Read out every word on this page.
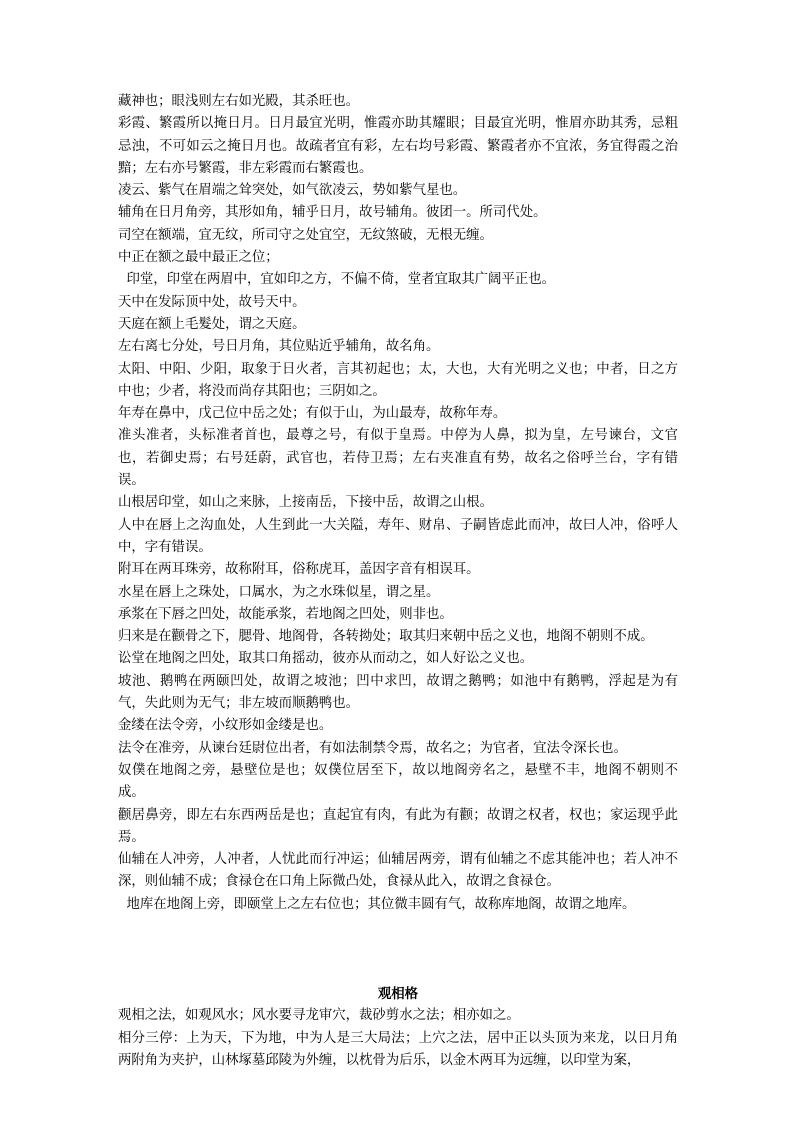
藏神也；眼浅则左右如光殿，其杀旺也。

彩霞、繁霞所以掩日月。日月最宜光明，惟霞亦助其耀眼；目最宜光明，惟眉亦助其秀，忌粗忌浊，不可如云之掩日月也。故疏者宜有彩，左右均号彩霞、繁霞者亦不宜浓，务宜得霞之治黯；左右亦号繁霞，非左彩霞而右繁霞也。

凌云、紫气在眉端之耸突处，如气欲凌云，势如紫气星也。

辅角在日月角旁，其形如角，辅乎日月，故号辅角。彼团一。所司代处。

司空在额端，宜无纹，所司守之处宜空，无纹煞破，无根无缠。

中正在额之最中最正之位；

印堂，印堂在两眉中，宜如印之方，不偏不倚，堂者宜取其广阔平正也。

天中在发际顶中处，故号天中。

天庭在额上毛髮处，谓之天庭。

左右离七分处，号日月角，其位贴近乎辅角，故名角。

太阳、中阳、少阳，取象于日火者，言其初起也；太，大也，大有光明之义也；中者，日之方中也；少者，将没而尚存其阳也；三阴如之。

年寿在鼻中，戊己位中岳之处；有似于山，为山最寿，故称年寿。

准头准者，头标准者首也，最尊之号，有似于皇焉。中停为人鼻，拟为皇，左号谏台，文官也，若御史焉；右号廷蔚，武官也，若侍卫焉；左右夹准直有势，故名之俗呼兰台，字有错误。

山根居印堂，如山之来脉，上接南岳，下接中岳，故谓之山根。

人中在唇上之沟血处，人生到此一大关隘，寿年、财帛、子嗣皆虑此而冲，故曰人冲，俗呼人中，字有错误。

附耳在两耳珠旁，故称附耳，俗称虎耳，盖因字音有相误耳。

水星在唇上之珠处，口属水，为之水珠似星，谓之星。

承浆在下唇之凹处，故能承浆，若地阁之凹处，则非也。

归来是在颧骨之下，腮骨、地阁骨，各转拗处；取其归来朝中岳之义也，地阁不朝则不成。

讼堂在地阁之凹处，取其口角摇动，彼亦从而动之，如人好讼之义也。

坡池、鹅鸭在两颐凹处，故谓之坡池；凹中求凹，故谓之鹅鸭；如池中有鹅鸭，浮起是为有气，失此则为无气；非左坡而顺鹅鸭也。

金缕在法令旁，小纹形如金缕是也。

法令在准旁，从谏台廷尉位出者，有如法制禁令焉，故名之；为官者，宜法令深长也。

奴僕在地阁之旁，悬壁位是也；奴僕位居至下，故以地阁旁名之，悬壁不丰，地阁不朝则不成。

颧居鼻旁，即左右东西两岳是也；直起宜有肉，有此为有颧；故谓之权者，权也；家运现乎此焉。

仙辅在人冲旁，人冲者，人忧此而行冲运；仙辅居两旁，谓有仙辅之不虑其能冲也；若人冲不深，则仙辅不成；食禄仓在口角上际微凸处，食禄从此入，故谓之食禄仓。

地库在地阁上旁，即颐堂上之左右位也；其位微丰圆有气，故称库地阁，故谓之地库。

观相格

观相之法，如观风水；风水要寻龙审穴，裁砂剪水之法；相亦如之。

相分三停：上为天，下为地，中为人是三大局法；上穴之法，居中正以头顶为来龙，以日月角两附角为夹护，山林塚墓邱陵为外缠，以枕骨为后乐，以金木两耳为远缠，以印堂为案，
